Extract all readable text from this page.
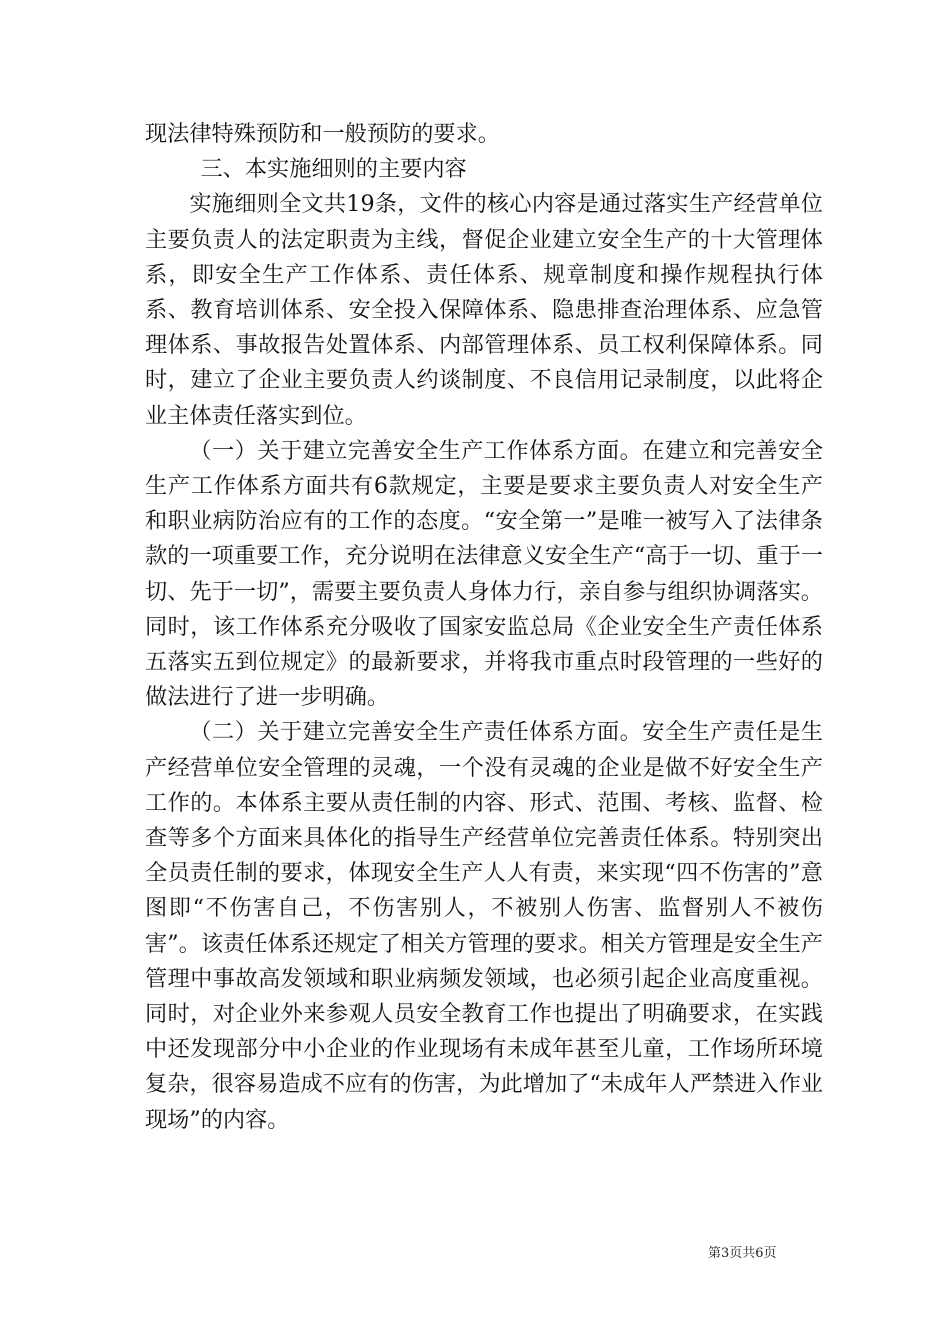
现法律特殊预防和一般预防的要求。

三、本实施细则的主要内容

实施细则全文共19条，文件的核心内容是通过落实生产经营单位主要负责人的法定职责为主线，督促企业建立安全生产的十大管理体系，即安全生产工作体系、责任体系、规章制度和操作规程执行体系、教育培训体系、安全投入保障体系、隐患排查治理体系、应急管理体系、事故报告处置体系、内部管理体系、员工权利保障体系。同时，建立了企业主要负责人约谈制度、不良信用记录制度，以此将企业主体责任落实到位。

（一）关于建立完善安全生产工作体系方面。在建立和完善安全生产工作体系方面共有6款规定，主要是要求主要负责人对安全生产和职业病防治应有的工作的态度。“安全第一”是唯一被写入了法律条款的一项重要工作，充分说明在法律意义安全生产“高于一切、重于一切、先于一切”，需要主要负责人身体力行，亲自参与组织协调落实。同时，该工作体系充分吸收了国家安监总局《企业安全生产责任体系五落实五到位规定》的最新要求，并将我市重点时段管理的一些好的做法进行了进一步明确。

（二）关于建立完善安全生产责任体系方面。安全生产责任是生产经营单位安全管理的灵魂，一个没有灵魂的企业是做不好安全生产工作的。本体系主要从责任制的内容、形式、范围、考核、监督、检查等多个方面来具体化的指导生产经营单位完善责任体系。特别突出全员责任制的要求，体现安全生产人人有责，来实现“四不伤害的”意图即“不伤害自己，不伤害别人，不被别人伤害、监督别人不被伤害”。该责任体系还规定了相关方管理的要求。相关方管理是安全生产管理中事故高发领域和职业病频发领域，也必须引起企业高度重视。同时，对企业外来参观人员安全教育工作也提出了明确要求，在实践中还发现部分中小企业的作业现场有未成年甚至儿童，工作场所环境复杂，很容易造成不应有的伤害，为此增加了“未成年人严禁进入作业现场”的内容。

第3页共6页
